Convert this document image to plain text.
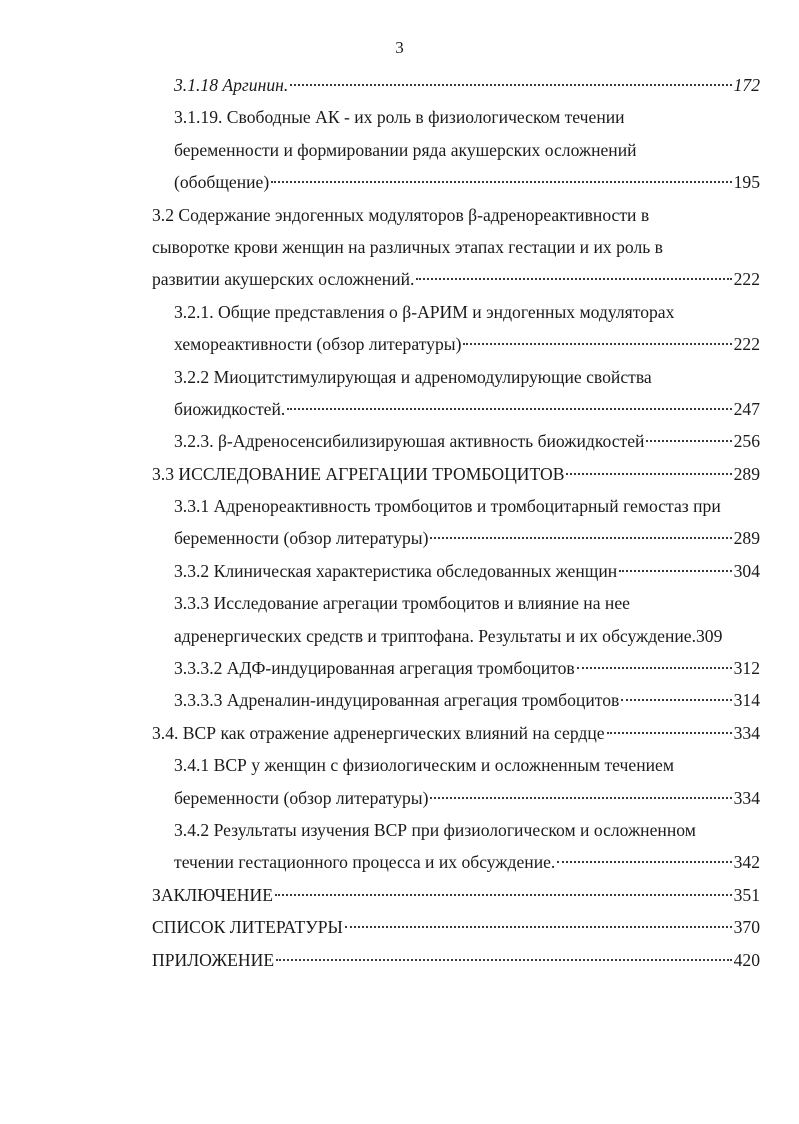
3
3.1.18 Аргинин.	172
3.1.19. Свободные АК - их роль в физиологическом течении
беременности и формировании ряда акушерских осложнений
(обобщение)	195
3.2 Содержание эндогенных модуляторов β-адренореактивности в
сыворотке крови женщин на различных этапах гестации и их роль в
развитии акушерских осложнений.	222
3.2.1. Общие представления о β-АРИМ и эндогенных модуляторах
хемореактивности (обзор литературы)	222
3.2.2 Миоцитстимулирующая и адреномодулирующие свойства
биожидкостей.	247
3.2.3. β-Адреносенсибилизируюшая активность биожидкостей	256
3.3 ИССЛЕДОВАНИЕ АГРЕГАЦИИ ТРОМБОЦИТОВ	289
3.3.1 Адренореактивность тромбоцитов и тромбоцитарный гемостаз при
беременности (обзор литературы)	289
3.3.2 Клиническая характеристика обследованных женщин	304
3.3.3 Исследование агрегации тромбоцитов и влияние на нее
адренергических средств и триптофана. Результаты и их обсуждение. 309
3.3.3.2 АДФ-индуцированная агрегация тромбоцитов	312
3.3.3.3 Адреналин-индуцированная агрегация тромбоцитов	314
3.4. ВСР как отражение адренергических влияний на сердце	334
3.4.1 ВСР у женщин с физиологическим и осложненным течением
беременности (обзор литературы)	334
3.4.2 Результаты изучения ВСР при физиологическом и осложненном
течении гестационного процесса и их обсуждение.	342
ЗАКЛЮЧЕНИЕ	351
СПИСОК ЛИТЕРАТУРЫ	370
ПРИЛОЖЕНИЕ	420
